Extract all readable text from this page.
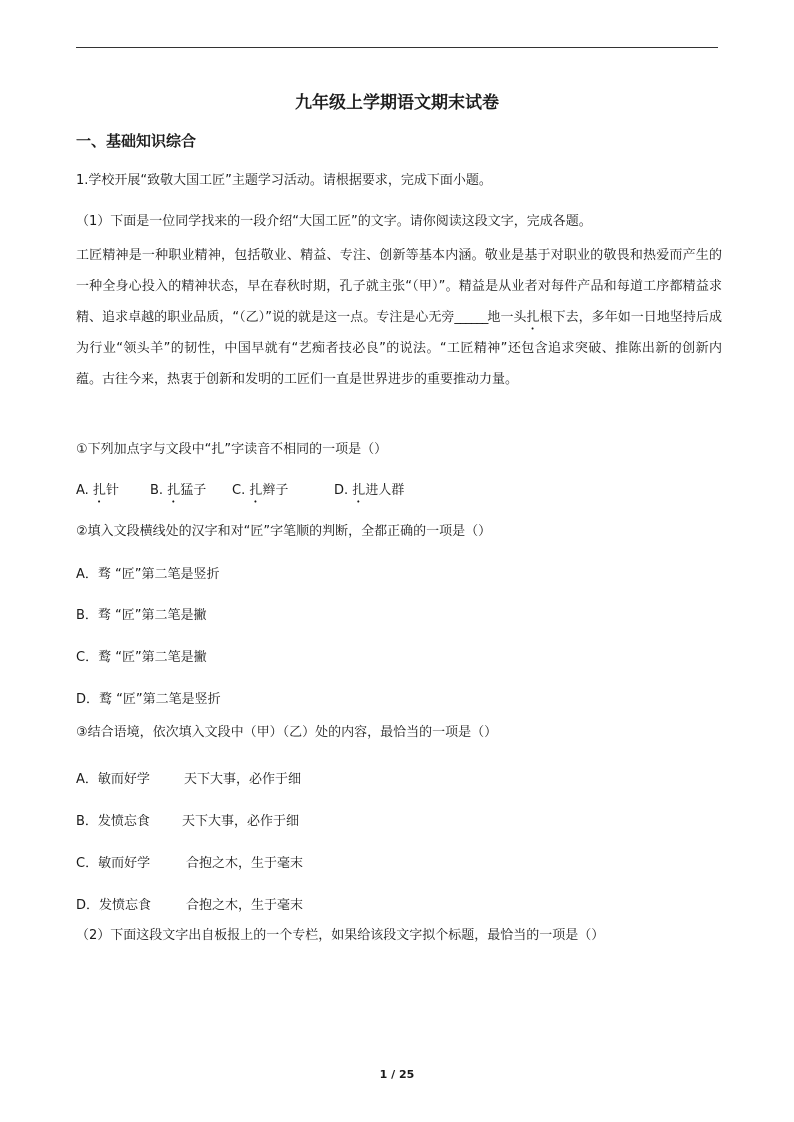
九年级上学期语文期末试卷
一、基础知识综合
1.学校开展“致敬大国工匠”主题学习活动。请根据要求，完成下面小题。
（1）下面是一位同学找来的一段介绍“大国工匠”的文字。请你阅读这段文字，完成各题。
工匠精神是一种职业精神，包括敬业、精益、专注、创新等基本内涵。敬业是基于对职业的敬畏和热爱而产生的一种全身心投入的精神状态，早在春秋时期，孔子就主张“（甲）”。精益是从业者对每件产品和每道工序都精益求精、追求卓越的职业品质，“（乙）”说的就是这一点。专注是心无旁______地一头扎根下去，多年如一日地坚持后成为行业“领头羊”的韧性，中国早就有“艺痴者技必良”的说法。“工匠精神”还包含追求突破、推陈出新的创新内蕴。古往今来，热衷于创新和发明的工匠们一直是世界进步的重要推动力量。
①下列加点字与文段中“扎”字读音不相同的一项是（）
A. 扎针 B. 扎猛子 C. 扎辫子	D. 扎进人群
②填入文段横线处的汉字和对“匠”字笔顺的判断，全都正确的一项是（）
A．骛 “匠”第二笔是竖折
B．骛 “匠”第二笔是撇
C．鹜 “匠”第二笔是撇
D．鹜 “匠”第二笔是竖折
③结合语境，依次填入文段中（甲）（乙）处的内容，最恰当的一项是（）
A．敏而好学	天下大事，必作于细
B．发愤忘食 天下大事，必作于细
C．敏而好学	合抱之木，生于毫末
D．发愤忘食	合抱之木，生于毫末
（2）下面这段文字出自板报上的一个专栏，如果给该段文字拟个标题，最恰当的一项是（）
1 / 25
